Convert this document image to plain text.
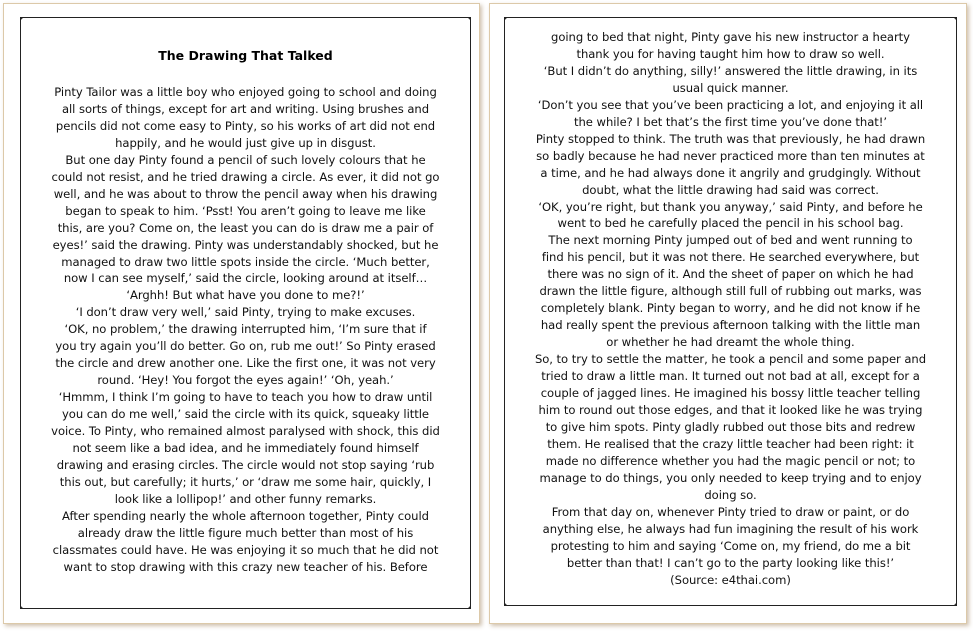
The Drawing That Talked
Pinty Tailor was a little boy who enjoyed going to school and doing
all sorts of things, except for art and writing. Using brushes and
pencils did not come easy to Pinty, so his works of art did not end
happily, and he would just give up in disgust.
But one day Pinty found a pencil of such lovely colours that he
could not resist, and he tried drawing a circle. As ever, it did not go
well, and he was about to throw the pencil away when his drawing
began to speak to him. ‘Psst! You aren’t going to leave me like
this, are you? Come on, the least you can do is draw me a pair of
eyes!’ said the drawing. Pinty was understandably shocked, but he
managed to draw two little spots inside the circle. ‘Much better,
now I can see myself,’ said the circle, looking around at itself…
‘Arghh! But what have you done to me?!’
‘I don’t draw very well,’ said Pinty, trying to make excuses.
‘OK, no problem,’ the drawing interrupted him, ‘I’m sure that if
you try again you’ll do better. Go on, rub me out!’ So Pinty erased
the circle and drew another one. Like the first one, it was not very
round. ‘Hey! You forgot the eyes again!’ ‘Oh, yeah.’
‘Hmmm, I think I’m going to have to teach you how to draw until
you can do me well,’ said the circle with its quick, squeaky little
voice. To Pinty, who remained almost paralysed with shock, this did
not seem like a bad idea, and he immediately found himself
drawing and erasing circles. The circle would not stop saying ‘rub
this out, but carefully; it hurts,’ or ‘draw me some hair, quickly, I
look like a lollipop!’ and other funny remarks.
After spending nearly the whole afternoon together, Pinty could
already draw the little figure much better than most of his
classmates could have. He was enjoying it so much that he did not
want to stop drawing with this crazy new teacher of his. Before
going to bed that night, Pinty gave his new instructor a hearty
thank you for having taught him how to draw so well.
‘But I didn’t do anything, silly!’ answered the little drawing, in its
usual quick manner.
‘Don’t you see that you’ve been practicing a lot, and enjoying it all
the while? I bet that’s the first time you’ve done that!’
Pinty stopped to think. The truth was that previously, he had drawn
so badly because he had never practiced more than ten minutes at
a time, and he had always done it angrily and grudgingly. Without
doubt, what the little drawing had said was correct.
‘OK, you’re right, but thank you anyway,’ said Pinty, and before he
went to bed he carefully placed the pencil in his school bag.
The next morning Pinty jumped out of bed and went running to
find his pencil, but it was not there. He searched everywhere, but
there was no sign of it. And the sheet of paper on which he had
drawn the little figure, although still full of rubbing out marks, was
completely blank. Pinty began to worry, and he did not know if he
had really spent the previous afternoon talking with the little man
or whether he had dreamt the whole thing.
So, to try to settle the matter, he took a pencil and some paper and
tried to draw a little man. It turned out not bad at all, except for a
couple of jagged lines. He imagined his bossy little teacher telling
him to round out those edges, and that it looked like he was trying
to give him spots. Pinty gladly rubbed out those bits and redrew
them. He realised that the crazy little teacher had been right: it
made no difference whether you had the magic pencil or not; to
manage to do things, you only needed to keep trying and to enjoy
doing so.
From that day on, whenever Pinty tried to draw or paint, or do
anything else, he always had fun imagining the result of his work
protesting to him and saying ‘Come on, my friend, do me a bit
better than that! I can’t go to the party looking like this!’
(Source: e4thai.com)
